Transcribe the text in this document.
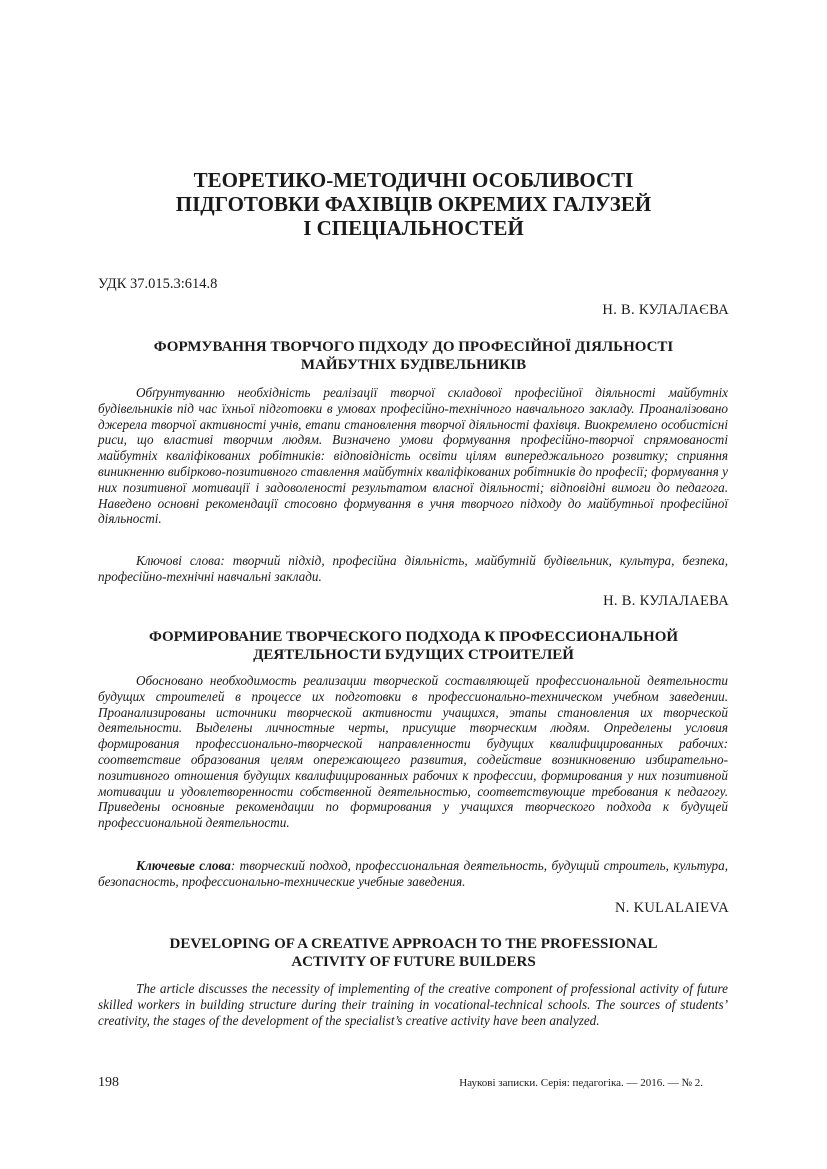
ТЕОРЕТИКО-МЕТОДИЧНІ ОСОБЛИВОСТІ
ПІДГОТОВКИ ФАХІВЦІВ ОКРЕМИХ ГАЛУЗЕЙ
І СПЕЦІАЛЬНОСТЕЙ

УДК 37.015.3:614.8

Н. В. КУЛАЛАЄВА

ФОРМУВАННЯ ТВОРЧОГО ПІДХОДУ ДО ПРОФЕСІЙНОЇ ДІЯЛЬНОСТІ
МАЙБУТНІХ БУДІВЕЛЬНИКІВ

Обґрунтуванню необхідність реалізації творчої складової професійної діяльності майбутніх будівельників під час їхньої підготовки в умовах професійно-технічного навчального закладу. Проаналізовано джерела творчої активності учнів, етапи становлення творчої діяльності фахівця. Виокремлено особистісні риси, що властиві творчим людям. Визначено умови формування професійно-творчої спрямованості майбутніх кваліфікованих робітників: відповідність освіти цілям випереджального розвитку; сприяння виникненню вибірково-позитивного ставлення майбутніх кваліфікованих робітників до професії; формування у них позитивної мотивації і задоволеності результатом власної діяльності; відповідні вимоги до педагога. Наведено основні рекомендації стосовно формування в учня творчого підходу до майбутньої професійної діяльності.

Ключові слова: творчий підхід, професійна діяльність, майбутній будівельник, культура, безпека, професійно-технічні навчальні заклади.

Н. В. КУЛАЛАЕВА

ФОРМИРОВАНИЕ ТВОРЧЕСКОГО ПОДХОДА К ПРОФЕССИОНАЛЬНОЙ
ДЕЯТЕЛЬНОСТИ БУДУЩИХ СТРОИТЕЛЕЙ

Обосновано необходимость реализации творческой составляющей профессиональной деятельности будущих строителей в процессе их подготовки в профессионально-техническом учебном заведении. Проанализированы источники творческой активности учащихся, этапы становления их творческой деятельности. Выделены личностные черты, присущие творческим людям. Определены условия формирования профессионально-творческой направленности будущих квалифицированных рабочих: соответствие образования целям опережающего развития, содействие возникновению избирательно-позитивного отношения будущих квалифицированных рабочих к профессии, формирования у них позитивной мотивации и удовлетворенности собственной деятельностью, соответствующие требования к педагогу. Приведены основные рекомендации по формирования у учащихся творческого подхода к будущей профессиональной деятельности.

Ключевые слова: творческий подход, профессиональная деятельность, будущий строитель, культура, безопасность, профессионально-технические учебные заведения.

N. KULALAIEVA

DEVELOPING OF A CREATIVE APPROACH TO THE PROFESSIONAL
ACTIVITY OF FUTURE BUILDERS

The article discusses the necessity of implementing of the creative component of professional activity of future skilled workers in building structure during their training in vocational-technical schools. The sources of students’ creativity, the stages of the development of the specialist’s creative activity have been analyzed.

198	Наукові записки. Серія: педагогіка. — 2016. — № 2.
